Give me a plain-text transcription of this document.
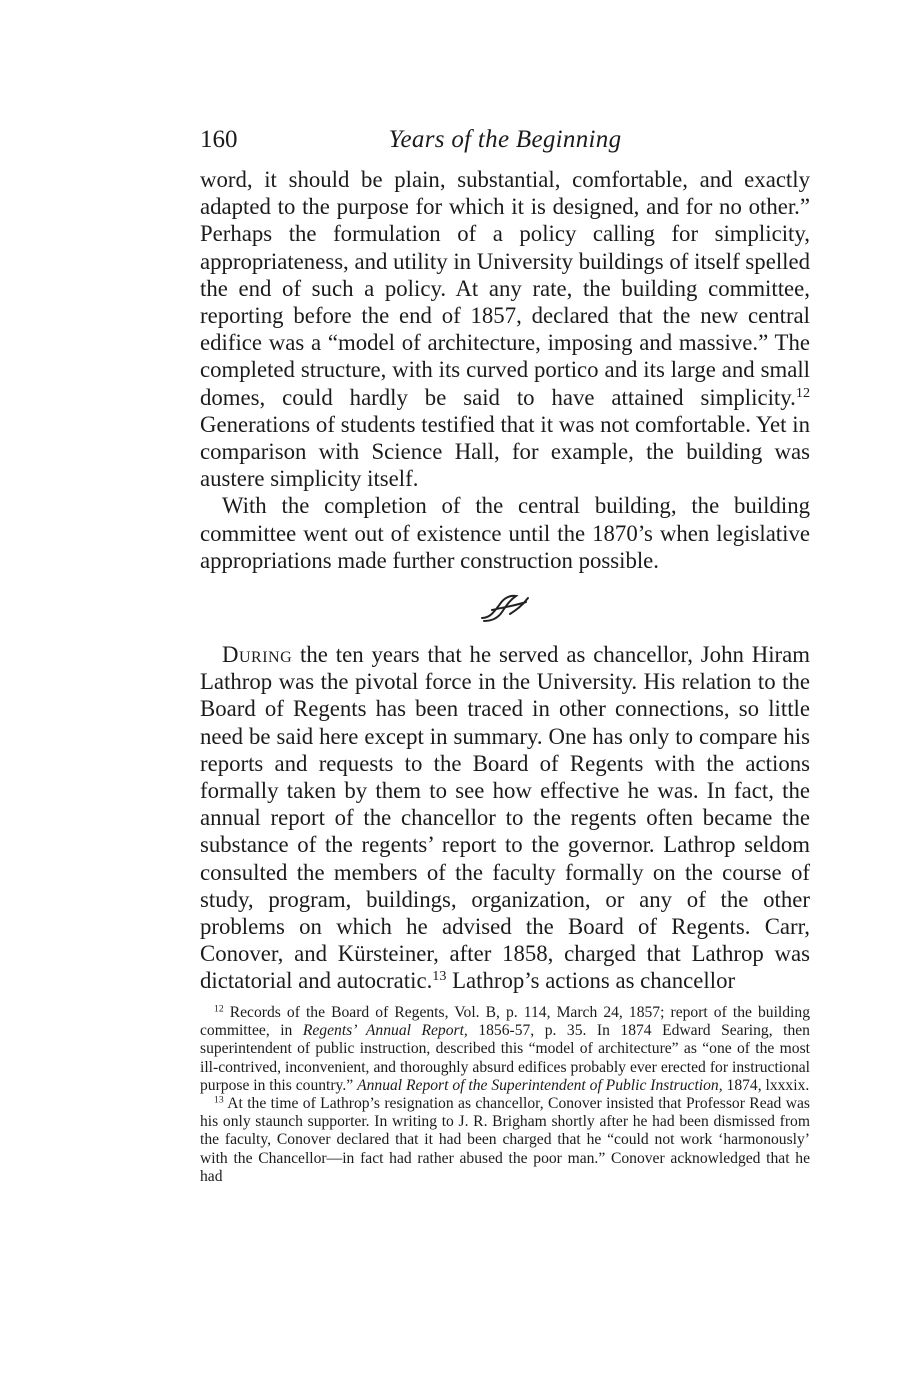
160	Years of the Beginning

word, it should be plain, substantial, comfortable, and exactly adapted to the purpose for which it is designed, and for no other.” Perhaps the formulation of a policy calling for simplicity, appropriateness, and utility in University buildings of itself spelled the end of such a policy. At any rate, the building committee, reporting before the end of 1857, declared that the new central edifice was a “model of architecture, imposing and massive.” The completed structure, with its curved portico and its large and small domes, could hardly be said to have attained simplicity.$^{12}$ Generations of students testified that it was not comfortable. Yet in comparison with Science Hall, for example, the building was austere simplicity itself.

With the completion of the central building, the building committee went out of existence until the 1870’s when legislative appropriations made further construction possible.

During the ten years that he served as chancellor, John Hiram Lathrop was the pivotal force in the University. His relation to the Board of Regents has been traced in other connections, so little need be said here except in summary. One has only to compare his reports and requests to the Board of Regents with the actions formally taken by them to see how effective he was. In fact, the annual report of the chancellor to the regents often became the substance of the regents’ report to the governor. Lathrop seldom consulted the members of the faculty formally on the course of study, program, buildings, organization, or any of the other problems on which he advised the Board of Regents. Carr, Conover, and Kürsteiner, after 1858, charged that Lathrop was dictatorial and autocratic.$^{13}$ Lathrop’s actions as chancellor

$^{12}$ Records of the Board of Regents, Vol. B, p. 114, March 24, 1857; report of the building committee, in Regents’ Annual Report, 1856-57, p. 35. In 1874 Edward Searing, then superintendent of public instruction, described this “model of architecture” as “one of the most ill-contrived, inconvenient, and thoroughly absurd edifices probably ever erected for instructional purpose in this country.” Annual Report of the Superintendent of Public Instruction, 1874, lxxxix.

$^{13}$ At the time of Lathrop’s resignation as chancellor, Conover insisted that Professor Read was his only staunch supporter. In writing to J. R. Brigham shortly after he had been dismissed from the faculty, Conover declared that it had been charged that he “could not work ‘harmonously’ with the Chancellor—in fact had rather abused the poor man.” Conover acknowledged that he had
